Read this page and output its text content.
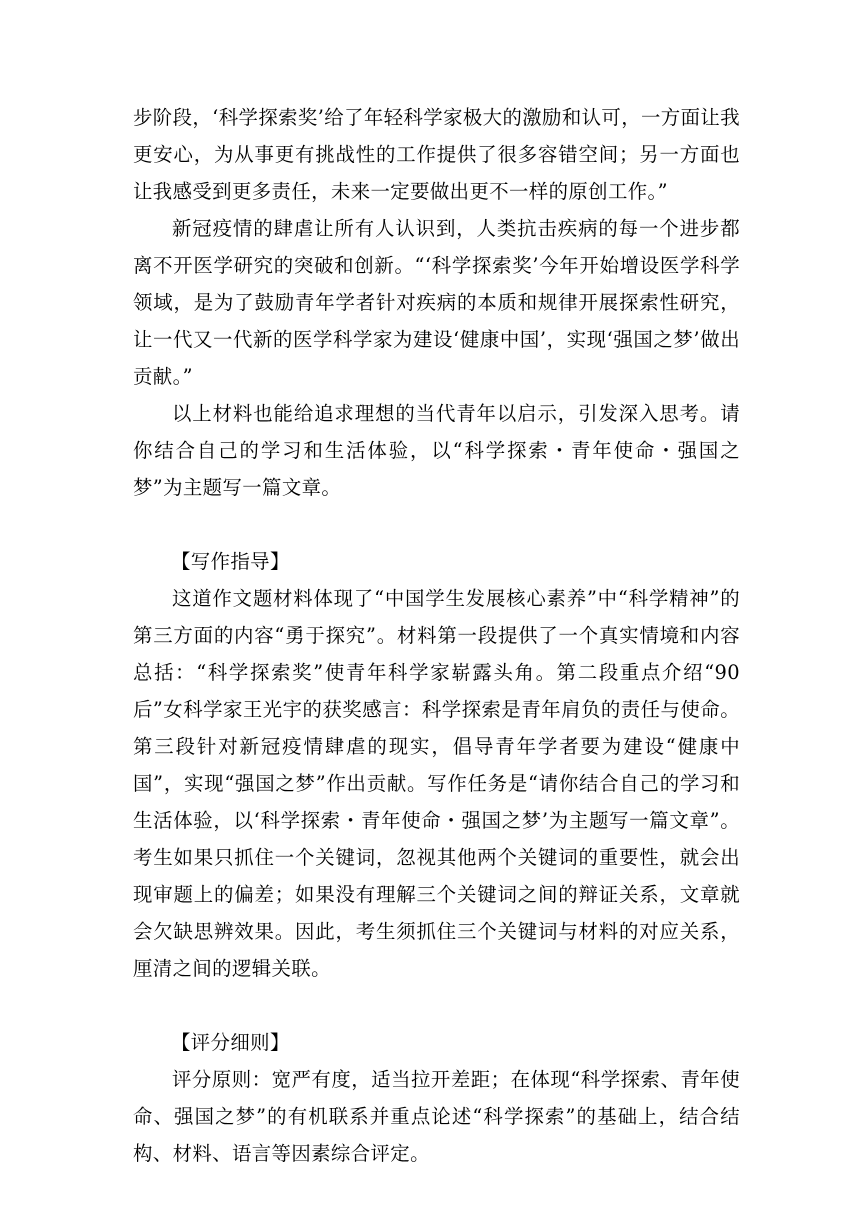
步阶段，‘科学探索奖’给了年轻科学家极大的激励和认可，一方面让我更安心，为从事更有挑战性的工作提供了很多容错空间；另一方面也让我感受到更多责任，未来一定要做出更不一样的原创工作。”

新冠疫情的肆虐让所有人认识到，人类抗击疾病的每一个进步都离不开医学研究的突破和创新。“‘科学探索奖’今年开始增设医学科学领域，是为了鼓励青年学者针对疾病的本质和规律开展探索性研究，让一代又一代新的医学科学家为建设‘健康中国’，实现‘强国之梦’做出贡献。”

以上材料也能给追求理想的当代青年以启示，引发深入思考。请你结合自己的学习和生活体验，以“科学探索・青年使命・强国之梦”为主题写一篇文章。

【写作指导】

这道作文题材料体现了“中国学生发展核心素养”中“科学精神”的第三方面的内容“勇于探究”。材料第一段提供了一个真实情境和内容总括：“科学探索奖”使青年科学家崭露头角。第二段重点介绍“90后”女科学家王光宇的获奖感言：科学探索是青年肩负的责任与使命。第三段针对新冠疫情肆虐的现实，倡导青年学者要为建设“健康中国”，实现“强国之梦”作出贡献。写作任务是“请你结合自己的学习和生活体验，以‘科学探索・青年使命・强国之梦’为主题写一篇文章”。考生如果只抓住一个关键词，忽视其他两个关键词的重要性，就会出现审题上的偏差；如果没有理解三个关键词之间的辩证关系，文章就会欠缺思辨效果。因此，考生须抓住三个关键词与材料的对应关系，厘清之间的逻辑关联。

【评分细则】

评分原则：宽严有度，适当拉开差距；在体现“科学探索、青年使命、强国之梦”的有机联系并重点论述“科学探索”的基础上，结合结构、材料、语言等因素综合评定。
